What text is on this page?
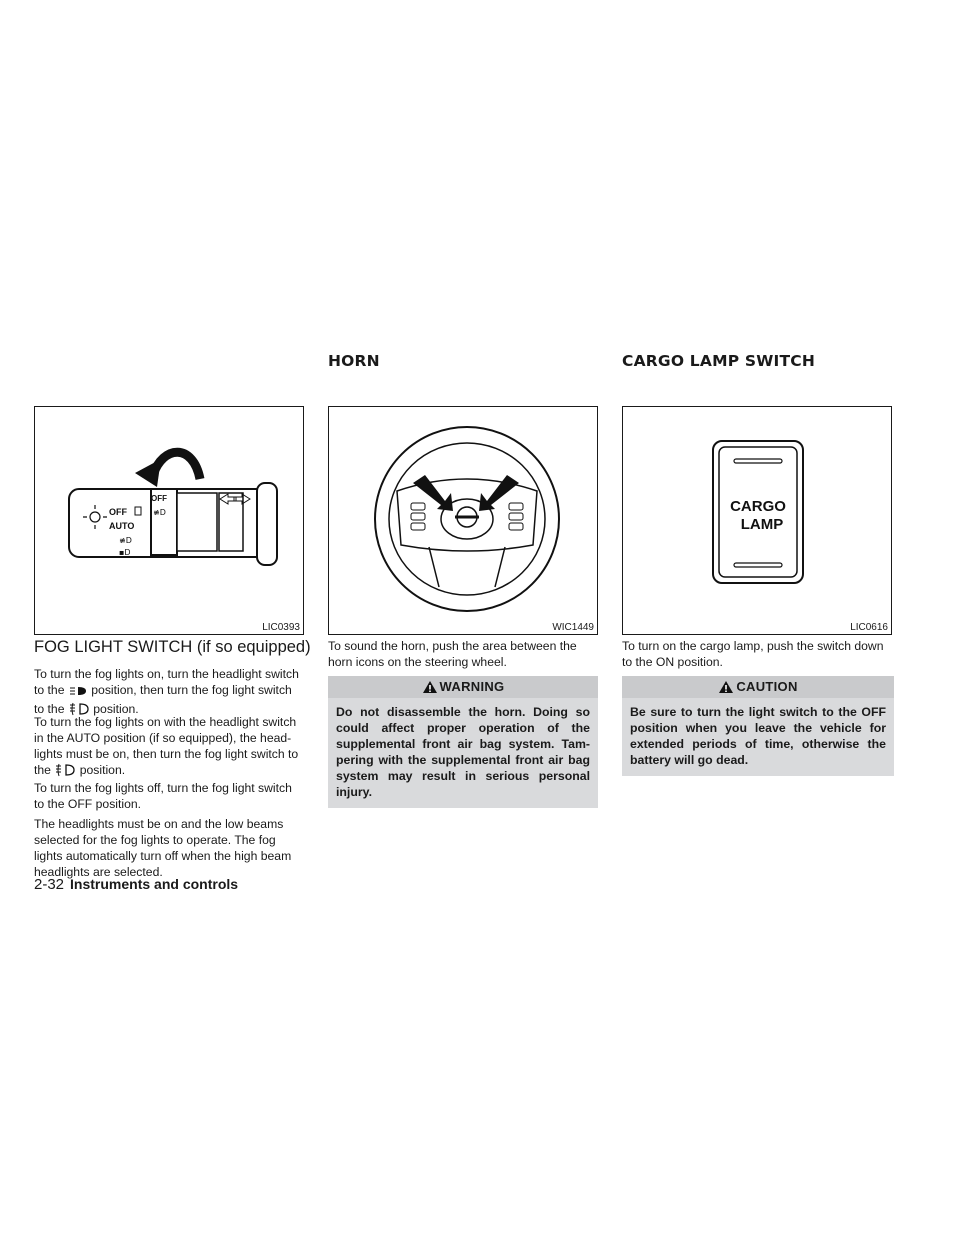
HORN	CARGO LAMP SWITCH
OFF
AUTO
OFF
≢D
≢D
▪D
LIC0393	WIC1449
CARGO
LAMP
LIC0616
FOG LIGHT SWITCH (if so equipped)

To turn the fog lights on, turn the headlight switch to the position, then turn the fog light switch to the position.

To turn the fog lights on with the headlight switch in the AUTO position (if so equipped), the head- lights must be on, then turn the fog light switch to the position.

To turn the fog lights off, turn the fog light switch to the OFF position.

The headlights must be on and the low beams selected for the fog lights to operate. The fog lights automatically turn off when the high beam headlights are selected.

To sound the horn, push the area between the horn icons on the steering wheel.

WARNING
Do not disassemble the horn. Doing so could affect proper operation of the supplemental front air bag system. Tam- pering with the supplemental front air bag system may result in serious personal injury.

To turn on the cargo lamp, push the switch down to the ON position.

CAUTION
Be sure to turn the light switch to the OFF position when you leave the vehicle for extended periods of time, otherwise the battery will go dead.
2-32 Instruments and controls
